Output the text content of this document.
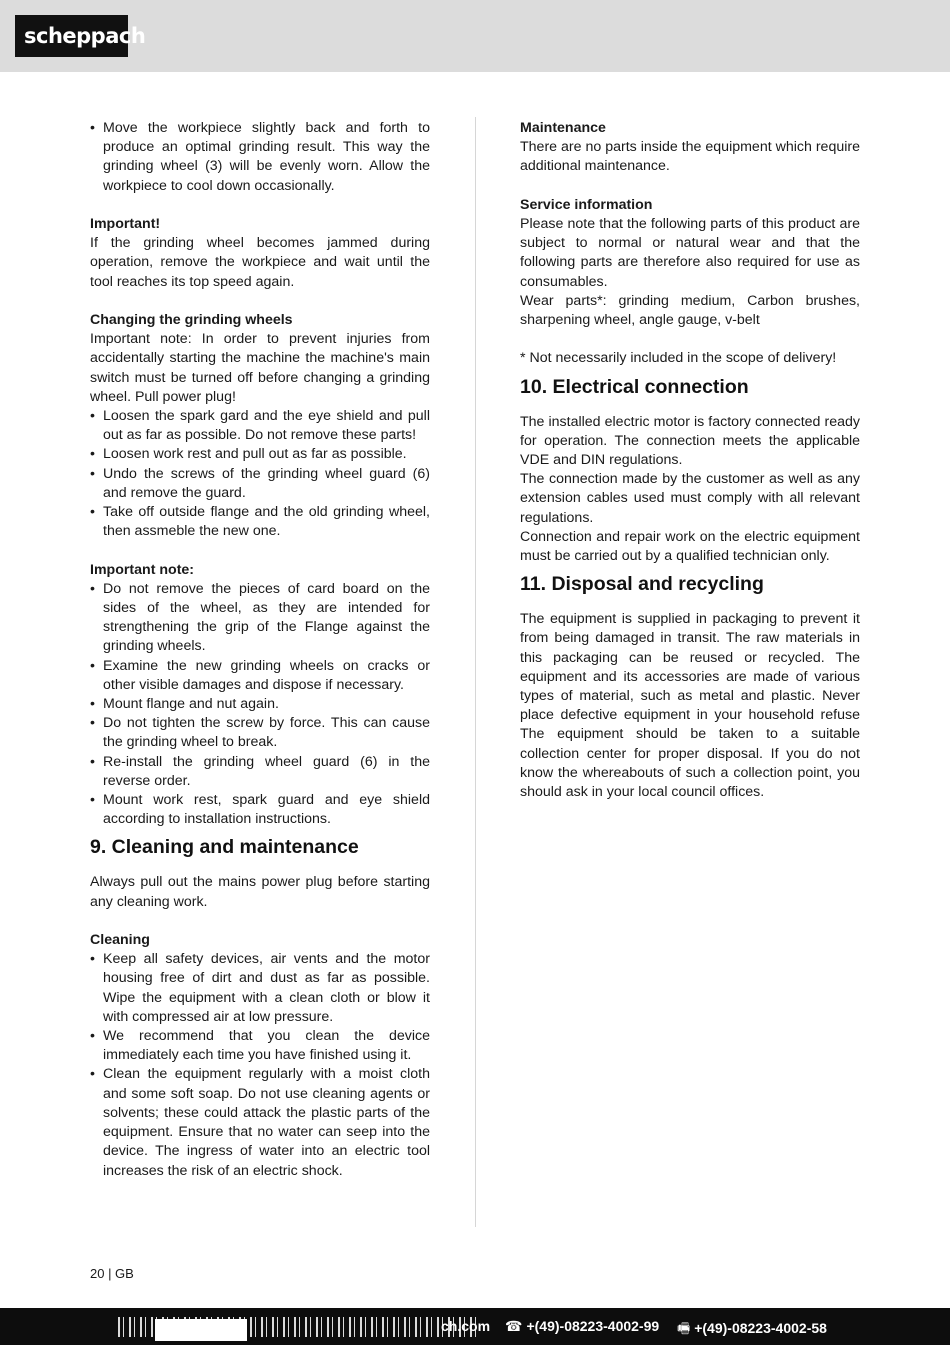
scheppach
• Move the workpiece slightly back and forth to produce an optimal grinding result. This way the grinding wheel (3) will be evenly worn. Allow the workpiece to cool down occasionally.
Important!
If the grinding wheel becomes jammed during operation, remove the workpiece and wait until the tool reaches its top speed again.
Changing the grinding wheels
Important note: In order to prevent injuries from accidentally starting the machine the machine's main switch must be turned off before changing a grinding wheel. Pull power plug!
• Loosen the spark gard and the eye shield and pull out as far as possible. Do not remove these parts!
• Loosen work rest and pull out as far as possible.
• Undo the screws of the grinding wheel guard (6) and remove the guard.
• Take off outside flange and the old grinding wheel, then assmeble the new one.
Important note:
• Do not remove the pieces of card board on the sides of the wheel, as they are intended for strengthening the grip of the Flange against the grinding wheels.
• Examine the new grinding wheels on cracks or other visible damages and dispose if necessary.
• Mount flange and nut again.
• Do not tighten the screw by force. This can cause the grinding wheel to break.
• Re-install the grinding wheel guard (6) in the reverse order.
• Mount work rest, spark guard and eye shield according to installation instructions.
9. Cleaning and maintenance
Always pull out the mains power plug before starting any cleaning work.
Cleaning
• Keep all safety devices, air vents and the motor housing free of dirt and dust as far as possible. Wipe the equipment with a clean cloth or blow it with compressed air at low pressure.
• We recommend that you clean the device immediately each time you have finished using it.
• Clean the equipment regularly with a moist cloth and some soft soap. Do not use cleaning agents or solvents; these could attack the plastic parts of the equipment. Ensure that no water can seep into the device. The ingress of water into an electric tool increases the risk of an electric shock.
Maintenance
There are no parts inside the equipment which require additional maintenance.
Service information
Please note that the following parts of this product are subject to normal or natural wear and that the following parts are therefore also required for use as consumables.
Wear parts*: grinding medium, Carbon brushes, sharpening wheel, angle gauge, v-belt
* Not necessarily included in the scope of delivery!
10. Electrical connection
The installed electric motor is factory connected ready for operation. The connection meets the applicable VDE and DIN regulations.
The connection made by the customer as well as any extension cables used must comply with all relevant regulations.
Connection and repair work on the electric equipment must be carried out by a qualified technician only.
11. Disposal and recycling
The equipment is supplied in packaging to prevent it from being damaged in transit. The raw materials in this packaging can be reused or recycled. The equipment and its accessories are made of various types of material, such as metal and plastic. Never place defective equipment in your household refuse The equipment should be taken to a suitable collection center for proper disposal. If you do not know the whereabouts of such a collection point, you should ask in your local council offices.
20 | GB
ch.com ☎ +(49)-08223-4002-99 🖷 +(49)-08223-4002-58
